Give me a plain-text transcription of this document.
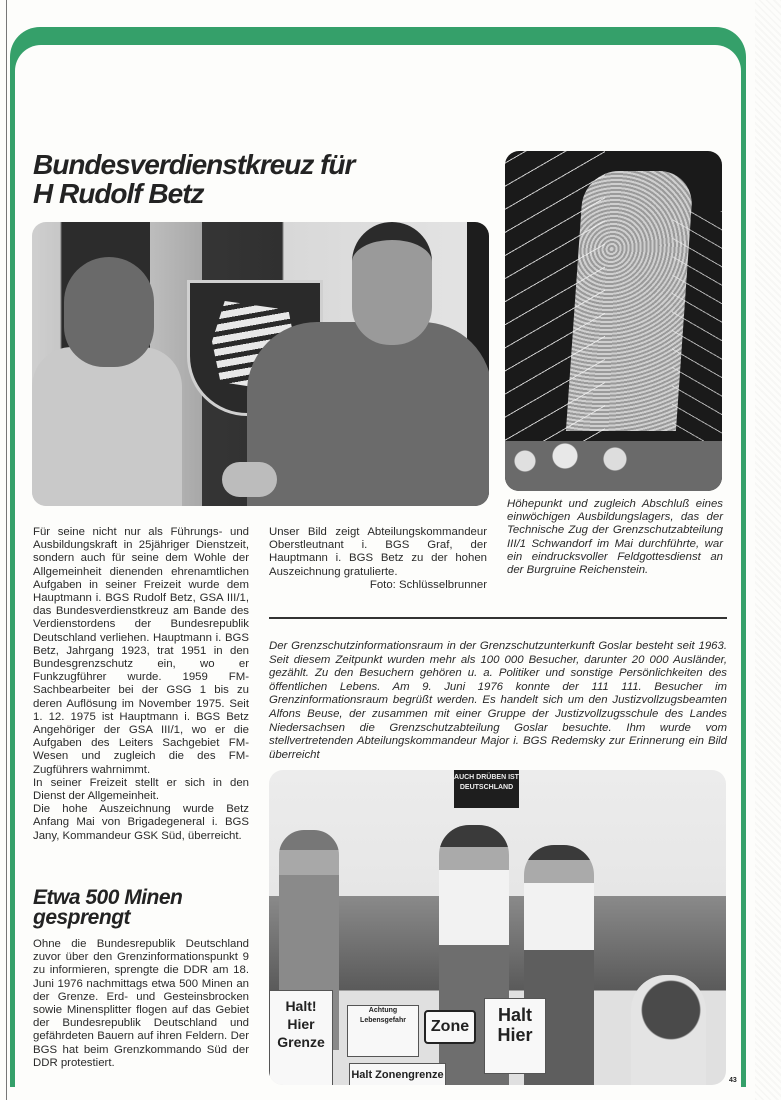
Bundesverdienstkreuz für
H Rudolf Betz

Für seine nicht nur als Führungs- und Ausbildungskraft in 25jähriger Dienstzeit, sondern auch für seine dem Wohle der Allgemeinheit dienenden ehrenamtlichen Aufgaben in seiner Freizeit wurde dem Hauptmann i. BGS Rudolf Betz, GSA III/1, das Bundesverdienstkreuz am Bande des Verdienstordens der Bundesrepublik Deutschland verliehen. Hauptmann i. BGS Betz, Jahrgang 1923, trat 1951 in den Bundesgrenzschutz ein, wo er Funkzugführer wurde. 1959 FM-Sachbearbeiter bei der GSG 1 bis zu deren Auflösung im November 1975. Seit 1. 12. 1975 ist Hauptmann i. BGS Betz Angehöriger der GSA III/1, wo er die Aufgaben des Leiters Sachgebiet FM-Wesen und zugleich die des FM-Zugführers wahrnimmt.

In seiner Freizeit stellt er sich in den Dienst der Allgemeinheit.

Die hohe Auszeichnung wurde Betz Anfang Mai von Brigadegeneral i. BGS Jany, Kommandeur GSK Süd, überreicht.

Unser Bild zeigt Abteilungskommandeur Oberstleutnant i. BGS Graf, der Hauptmann i. BGS Betz zu der hohen Auszeichnung gratulierte.

Foto: Schlüsselbrunner

Höhepunkt und zugleich Abschluß eines einwöchigen Ausbildungslagers, das der Technische Zug der Grenzschutzabteilung III/1 Schwandorf im Mai durchführte, war ein eindrucksvoller Feldgottesdienst an der Burgruine Reichenstein.

Der Grenzschutzinformationsraum in der Grenzschutzunterkunft Goslar besteht seit 1963. Seit diesem Zeitpunkt wurden mehr als 100 000 Besucher, darunter 20 000 Ausländer, gezählt. Zu den Besuchern gehören u. a. Politiker und sonstige Persönlichkeiten des öffentlichen Lebens. Am 9. Juni 1976 konnte der 111 111. Besucher im Grenzinformationsraum begrüßt werden. Es handelt sich um den Justizvollzugsbeamten Alfons Beuse, der zusammen mit einer Gruppe der Justizvollzugsschule des Landes Niedersachsen die Grenzschutzabteilung Goslar besuchte. Ihm wurde vom stellvertretenden Abteilungskommandeur Major i. BGS Redemsky zur Erinnerung ein Bild überreicht

Etwa 500 Minen
gesprengt

Ohne die Bundesrepublik Deutschland zuvor über den Grenzinformationspunkt 9 zu informieren, sprengte die DDR am 18. Juni 1976 nachmittags etwa 500 Minen an der Grenze. Erd- und Gesteinsbrocken sowie Minensplitter flogen auf das Gebiet der Bundesrepublik Deutschland und gefährdeten Bauern auf ihren Feldern. Der BGS hat beim Grenzkommando Süd der DDR protestiert.

AUCH DRÜBEN IST DEUTSCHLAND
Halt! Hier Grenze
Achtung Lebensgefahr	Zone
Halt Hier
Halt Zonengrenze	43
